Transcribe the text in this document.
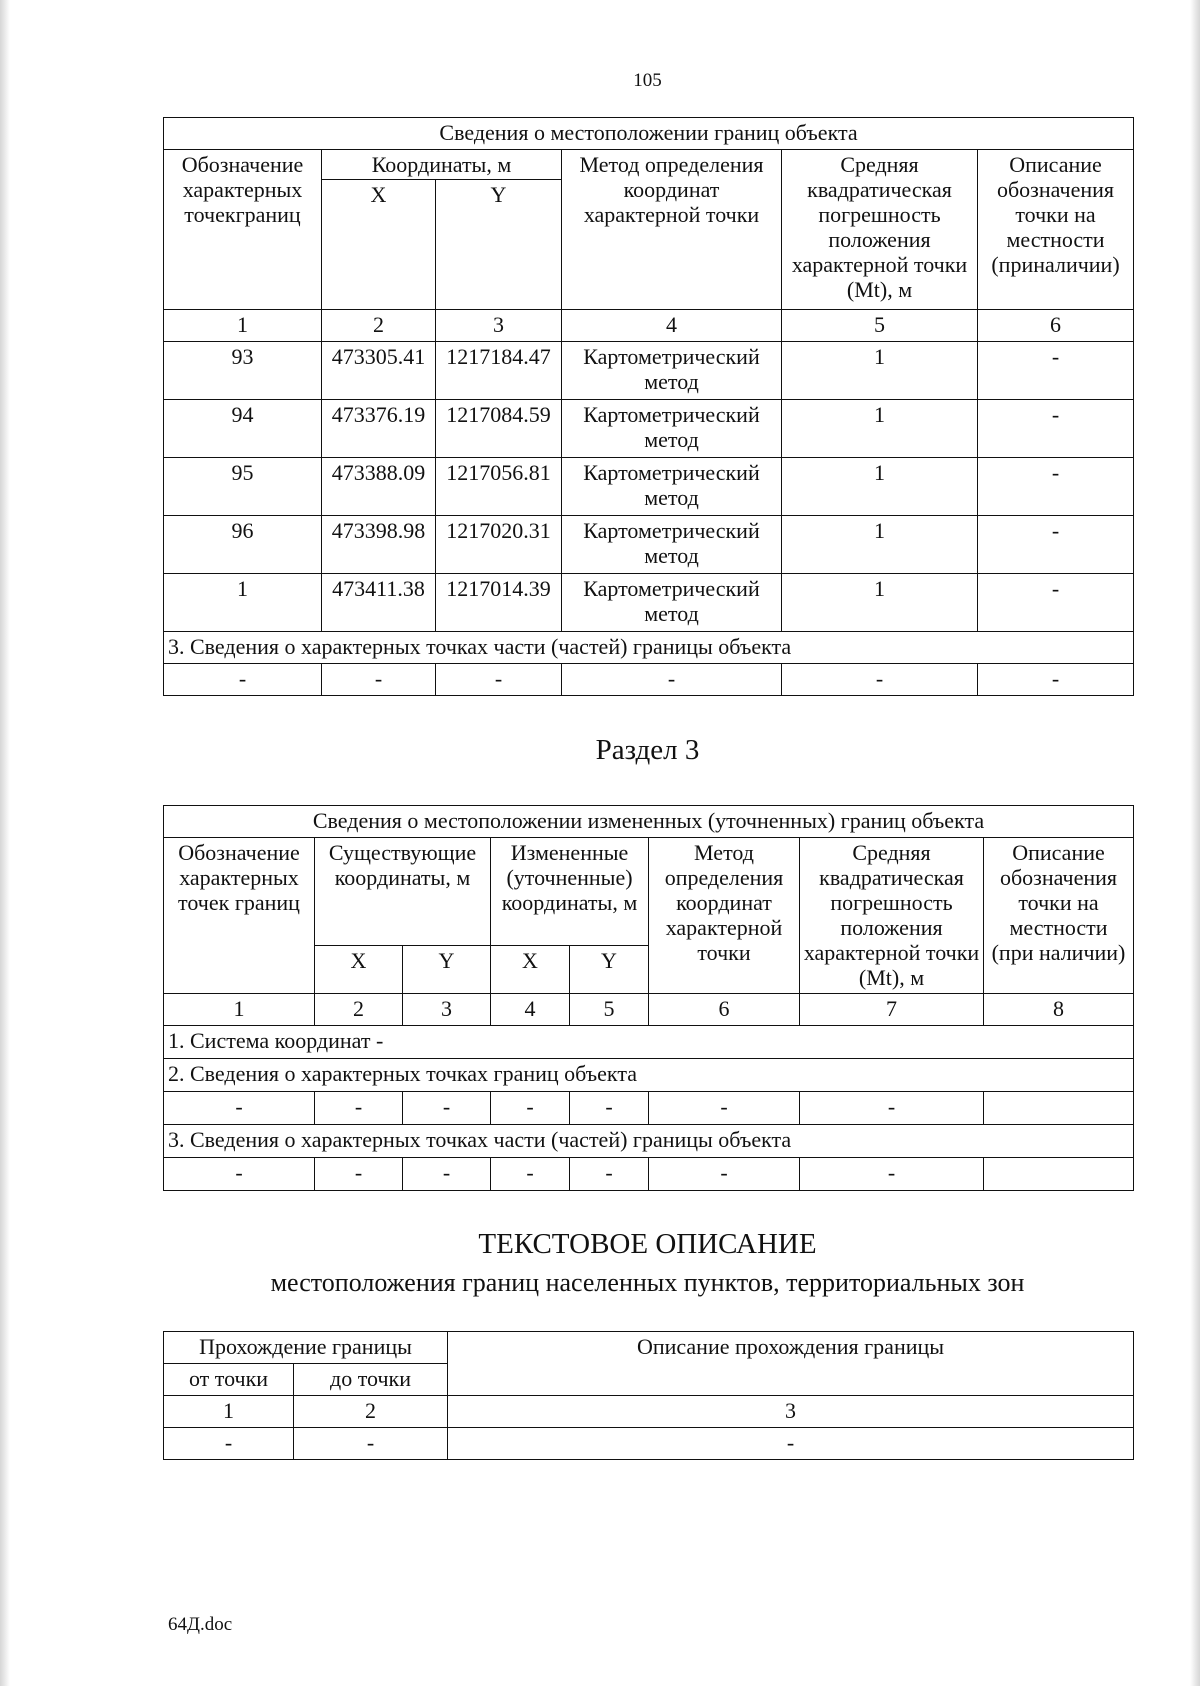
105
Сведения о местоположении границ объекта					
Обозначение характерных точекграниц	Координаты, м		Метод определения координат характерной точки	Средняя квадратическая погрешность положения характерной точки (Mt), м	Описание обозначения точки на местности (приналичии)
	X	Y			
1	2	3	4	5	6
93	473305.41	1217184.47	Картометрический метод	1	-
94	473376.19	1217084.59	Картометрический метод	1	-
95	473388.09	1217056.81	Картометрический метод	1	-
96	473398.98	1217020.31	Картометрический метод	1	-
1	473411.38	1217014.39	Картометрический метод	1	-
3. Сведения о характерных точках части (частей) границы объекта					
-	-	-	-	-	-
Раздел 3
Сведения о местоположении измененных (уточненных) границ объекта							
Обозначение характерных точек границ	Существующие координаты, м		Измененные (уточненные) координаты, м		Метод определения координат характерной точки	Средняя квадратическая погрешность положения характерной точки (Mt), м	Описание обозначения точки на местности (при наличии)
	X	Y	X	Y			
1	2	3	4	5	6	7	8
1. Система координат -							
2. Сведения о характерных точках границ объекта							
-	-	-	-	-	-	-	
3. Сведения о характерных точках части (частей) границы объекта							
-	-	-	-	-	-	-	
ТЕКСТОВОЕ ОПИСАНИЕ
местоположения границ населенных пунктов, территориальных зон
Прохождение границы		Описание прохождения границы
от точки	до точки	
1	2	3
-	-	-
64Д.doc
